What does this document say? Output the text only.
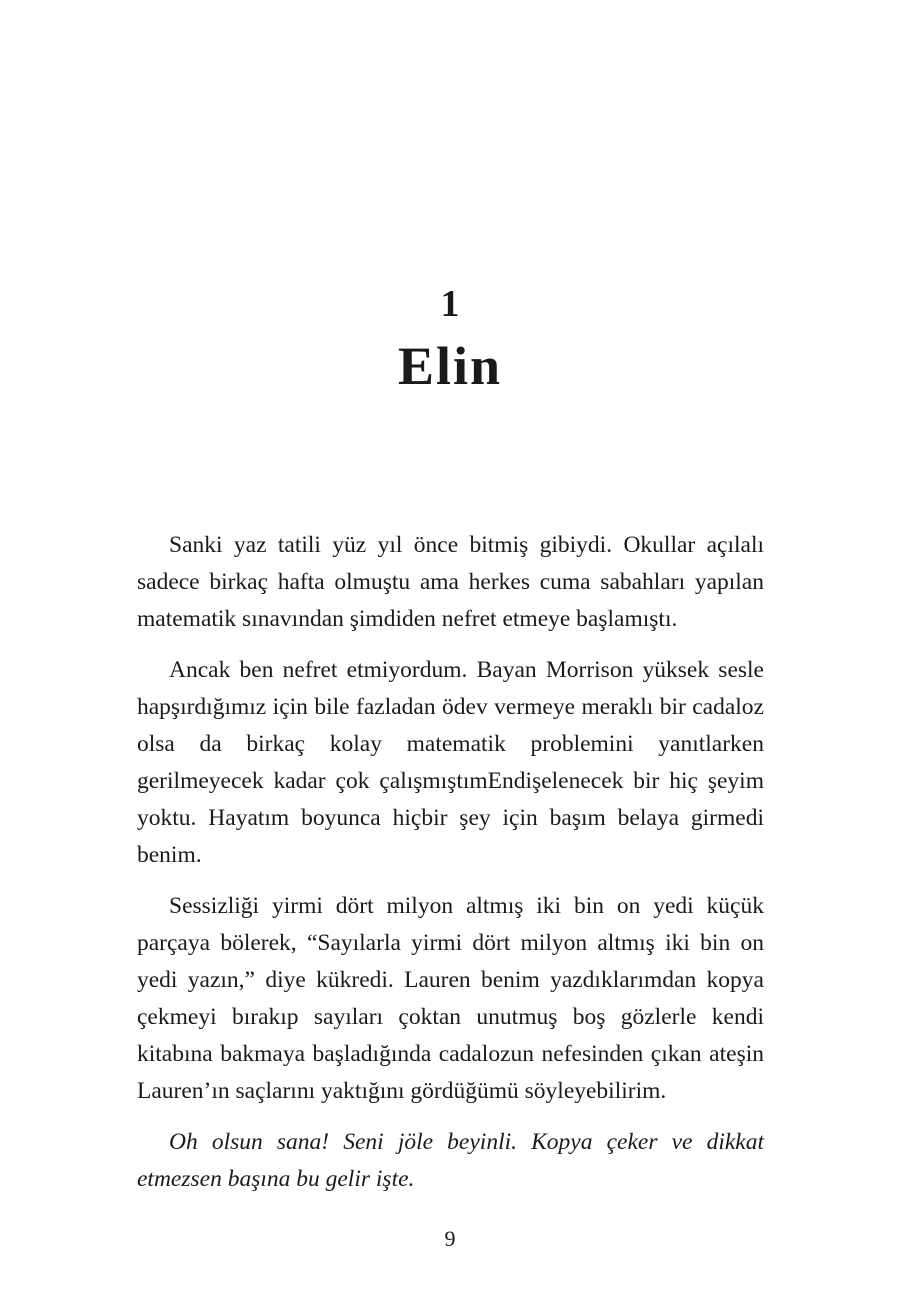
1
Elin

Sanki yaz tatili yüz yıl önce bitmiş gibiydi. Okullar açılalı sadece birkaç hafta olmuştu ama herkes cuma sabahları yapılan matematik sınavından şimdiden nefret etmeye başlamıştı.

Ancak ben nefret etmiyordum. Bayan Morrison yüksek sesle hapşırdığımız için bile fazladan ödev vermeye meraklı bir cadaloz olsa da birkaç kolay matematik problemini yanıtlarken gerilmeyecek kadar çok çalışmıştımEndişelenecek bir hiç şeyim yoktu. Hayatım boyunca hiçbir şey için başım belaya girmedi benim.

Sessizliği yirmi dört milyon altmış iki bin on yedi küçük parçaya bölerek, “Sayılarla yirmi dört milyon altmış iki bin on yedi yazın,” diye kükredi. Lauren benim yazdıklarımdan kopya çekmeyi bırakıp sayıları çoktan unutmuş boş gözlerle kendi kitabına bakmaya başladığında cadalozun nefesinden çıkan ateşin Lauren’ın saçlarını yaktığını gördüğümü söyleyebilirim.

Oh olsun sana! Seni jöle beyinli. Kopya çeker ve dikkat etmezsen başına bu gelir işte.

9
